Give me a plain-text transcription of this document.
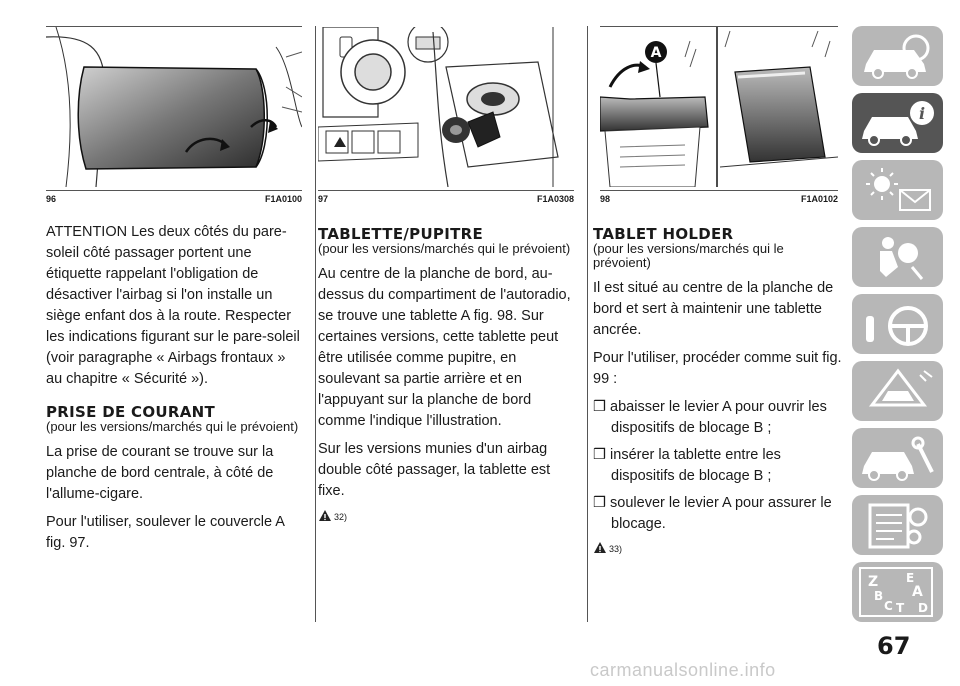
96	F1A0100 97	F1A0308
A
98	F1A0102

ATTENTION Les deux côtés du pare-soleil côté passager portent une étiquette rappelant l'obligation de désactiver l'airbag si l'on installe un siège enfant dos à la route. Respecter les indications figurant sur le pare-soleil (voir paragraphe « Airbags frontaux » au chapitre « Sécurité »).

PRISE DE COURANT

(pour les versions/marchés qui le prévoient)

La prise de courant se trouve sur la planche de bord centrale, à côté de l'allume-cigare.

Pour l'utiliser, soulever le couvercle A fig. 97.

TABLETTE/PUPITRE

(pour les versions/marchés qui le prévoient)

Au centre de la planche de bord, au-dessus du compartiment de l'autoradio, se trouve une tablette A fig. 98. Sur certaines versions, cette tablette peut être utilisée comme pupitre, en soulevant sa partie arrière et en l'appuyant sur la planche de bord comme l'indique l'illustration.

Sur les versions munies d'un airbag double côté passager, la tablette est fixe.

32)
TABLET HOLDER

(pour les versions/marchés qui le prévoient)

Il est situé au centre de la planche de bord et sert à maintenir une tablette ancrée.

Pour l'utiliser, procéder comme suit fig. 99 :

❒ abaisser le levier A pour ouvrir les dispositifs de blocage B ;

❒ insérer la tablette entre les dispositifs de blocage B ;

❒ soulever le levier A pour assurer le blocage.

33)
i
Z E
A
B
C T D
67
carmanualsonline.info
